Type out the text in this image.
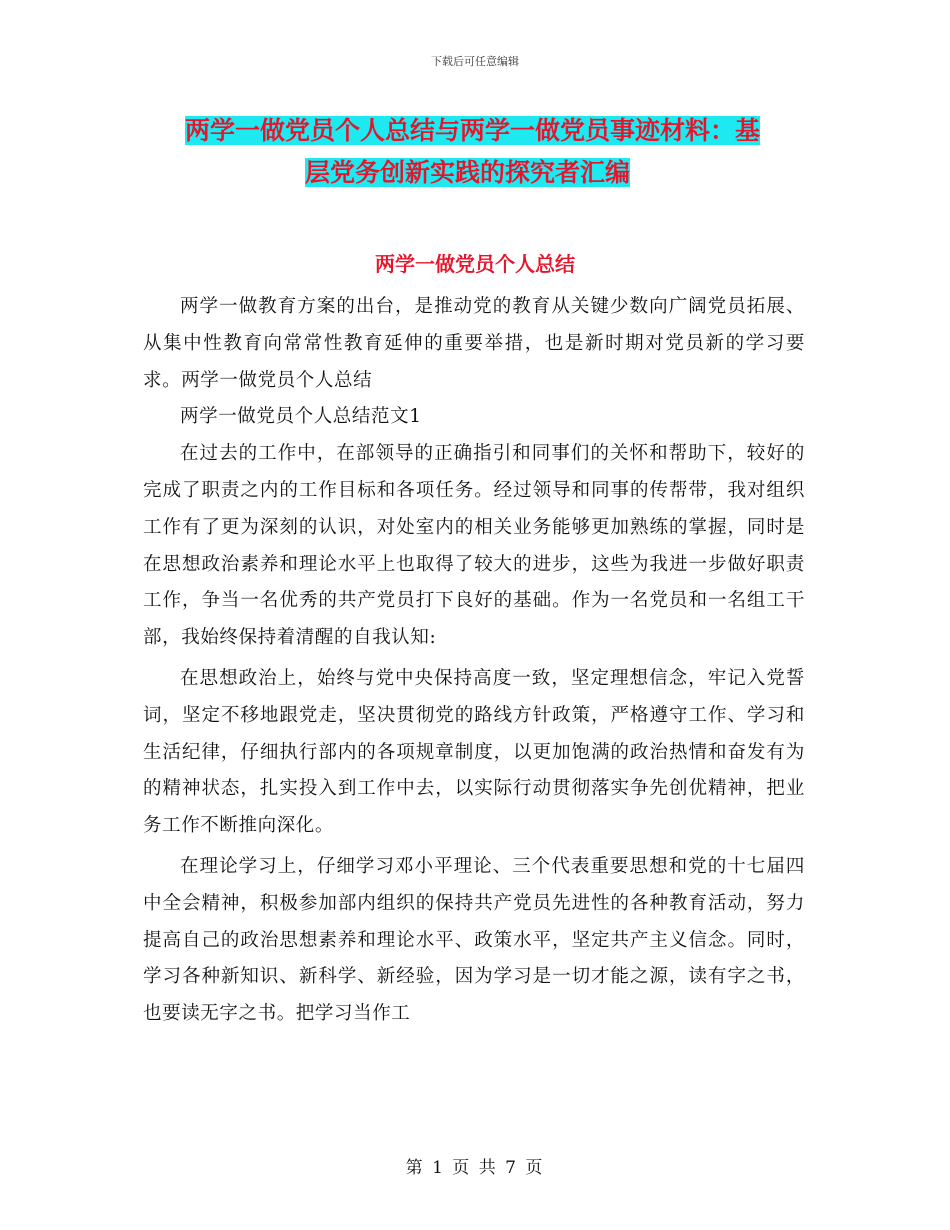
下载后可任意编辑
两学一做党员个人总结与两学一做党员事迹材料：基
层党务创新实践的探究者汇编
两学一做党员个人总结

两学一做教育方案的出台，是推动党的教育从关键少数向广阔党员拓展、从集中性教育向常常性教育延伸的重要举措，也是新时期对党员新的学习要求。两学一做党员个人总结

两学一做党员个人总结范文1

在过去的工作中，在部领导的正确指引和同事们的关怀和帮助下，较好的完成了职责之内的工作目标和各项任务。经过领导和同事的传帮带，我对组织工作有了更为深刻的认识，对处室内的相关业务能够更加熟练的掌握，同时是在思想政治素养和理论水平上也取得了较大的进步，这些为我进一步做好职责工作，争当一名优秀的共产党员打下良好的基础。作为一名党员和一名组工干部，我始终保持着清醒的自我认知:

在思想政治上，始终与党中央保持高度一致，坚定理想信念，牢记入党誓词，坚定不移地跟党走，坚决贯彻党的路线方针政策，严格遵守工作、学习和生活纪律，仔细执行部内的各项规章制度，以更加饱满的政治热情和奋发有为的精神状态，扎实投入到工作中去，以实际行动贯彻落实争先创优精神，把业务工作不断推向深化。

在理论学习上，仔细学习邓小平理论、三个代表重要思想和党的十七届四中全会精神，积极参加部内组织的保持共产党员先进性的各种教育活动，努力提高自己的政治思想素养和理论水平、政策水平，坚定共产主义信念。同时，学习各种新知识、新科学、新经验，因为学习是一切才能之源，读有字之书，也要读无字之书。把学习当作工

第 1 页 共 7 页
